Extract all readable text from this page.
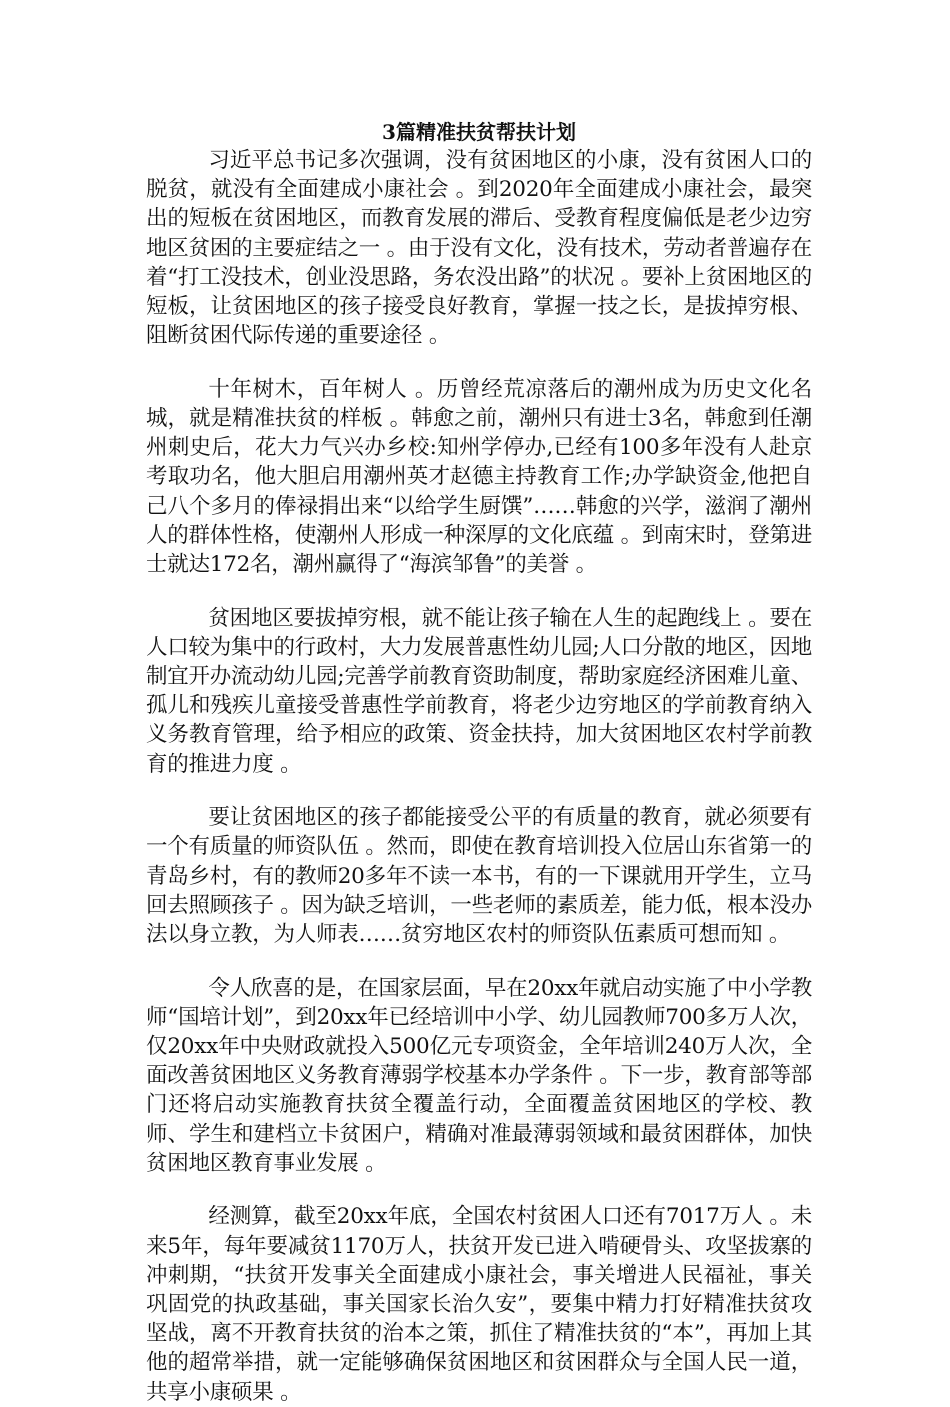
3篇精准扶贫帮扶计划

习近平总书记多次强调，没有贫困地区的小康，没有贫困人口的脱贫，就没有全面建成小康社会 。到2020年全面建成小康社会，最突出的短板在贫困地区，而教育发展的滞后、受教育程度偏低是老少边穷地区贫困的主要症结之一 。由于没有文化，没有技术，劳动者普遍存在着“打工没技术，创业没思路，务农没出路”的状况 。要补上贫困地区的短板，让贫困地区的孩子接受良好教育，掌握一技之长，是拔掉穷根、阻断贫困代际传递的重要途径 。

十年树木，百年树人 。历曾经荒凉落后的潮州成为历史文化名城，就是精准扶贫的样板 。韩愈之前，潮州只有进士3名，韩愈到任潮州刺史后，花大力气兴办乡校:知州学停办,已经有100多年没有人赴京考取功名，他大胆启用潮州英才赵德主持教育工作;办学缺资金,他把自己八个多月的俸禄捐出来“以给学生厨馔”……韩愈的兴学，滋润了潮州人的群体性格，使潮州人形成一种深厚的文化底蕴 。到南宋时，登第进士就达172名，潮州赢得了“海滨邹鲁”的美誉 。

贫困地区要拔掉穷根，就不能让孩子输在人生的起跑线上 。要在人口较为集中的行政村，大力发展普惠性幼儿园;人口分散的地区，因地制宜开办流动幼儿园;完善学前教育资助制度，帮助家庭经济困难儿童、孤儿和残疾儿童接受普惠性学前教育，将老少边穷地区的学前教育纳入义务教育管理，给予相应的政策、资金扶持，加大贫困地区农村学前教育的推进力度 。

要让贫困地区的孩子都能接受公平的有质量的教育，就必须要有一个有质量的师资队伍 。然而，即使在教育培训投入位居山东省第一的青岛乡村，有的教师20多年不读一本书，有的一下课就用开学生，立马回去照顾孩子 。因为缺乏培训，一些老师的素质差，能力低，根本没办法以身立教，为人师表……贫穷地区农村的师资队伍素质可想而知 。

令人欣喜的是，在国家层面，早在20xx年就启动实施了中小学教师“国培计划”，到20xx年已经培训中小学、幼儿园教师700多万人次，仅20xx年中央财政就投入500亿元专项资金，全年培训240万人次，全面改善贫困地区义务教育薄弱学校基本办学条件 。下一步，教育部等部门还将启动实施教育扶贫全覆盖行动，全面覆盖贫困地区的学校、教师、学生和建档立卡贫困户，精确对准最薄弱领域和最贫困群体，加快贫困地区教育事业发展 。

经测算，截至20xx年底，全国农村贫困人口还有7017万人 。未来5年，每年要减贫1170万人，扶贫开发已进入啃硬骨头、攻坚拔寨的冲刺期，“扶贫开发事关全面建成小康社会，事关增进人民福祉，事关巩固党的执政基础，事关国家长治久安”，要集中精力打好精准扶贫攻坚战，离不开教育扶贫的治本之策，抓住了精准扶贫的“本”，再加上其他的超常举措，就一定能够确保贫困地区和贫困群众与全国人民一道，共享小康硕果 。
